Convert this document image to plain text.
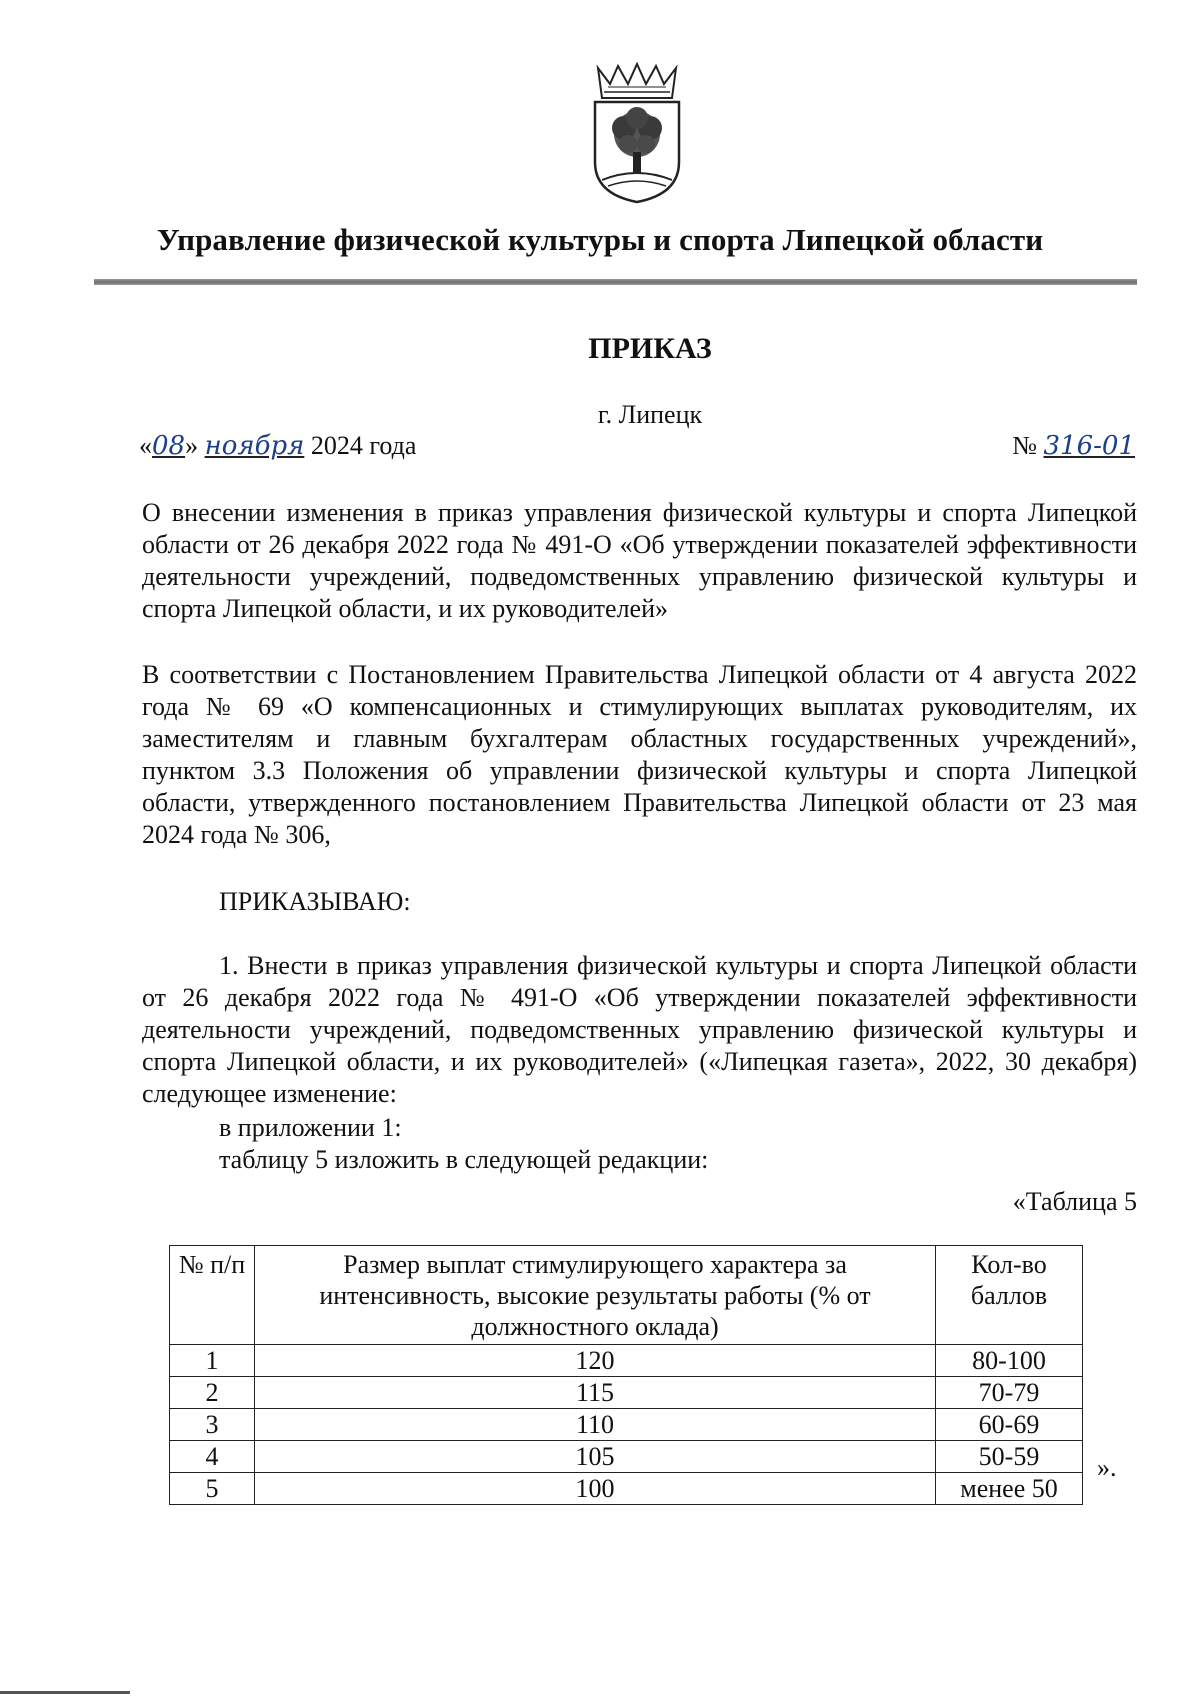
Управление физической культуры и спорта Липецкой области
ПРИКАЗ
г. Липецк
«08» ноября 2024 года	№ 316-01

О внесении изменения в приказ управления физической культуры и спорта Липецкой области от 26 декабря 2022 года № 491-О «Об утверждении показателей эффективности деятельности учреждений, подведомственных управлению физической культуры и спорта Липецкой области, и их руководителей»

В соответствии с Постановлением Правительства Липецкой области от 4 августа 2022 года № 69 «О компенсационных и стимулирующих выплатах руководителям, их заместителям и главным бухгалтерам областных государственных учреждений», пунктом 3.3 Положения об управлении физической культуры и спорта Липецкой области, утвержденного постановлением Правительства Липецкой области от 23 мая 2024 года № 306,

ПРИКАЗЫВАЮ:

1. Внести в приказ управления физической культуры и спорта Липецкой области от 26 декабря 2022 года № 491-О «Об утверждении показателей эффективности деятельности учреждений, подведомственных управлению физической культуры и спорта Липецкой области, и их руководителей» («Липецкая газета», 2022, 30 декабря) следующее изменение:

в приложении 1:
таблицу 5 изложить в следующей редакции:
«Таблица 5
№ п/п	Размер выплат стимулирующего характера за интенсивность, высокие результаты работы (% от должностного оклада)	Кол-во баллов
1	120	80-100
2	115	70-79
3	110	60-69
4	105	50-59
5	100	менее 50
».
